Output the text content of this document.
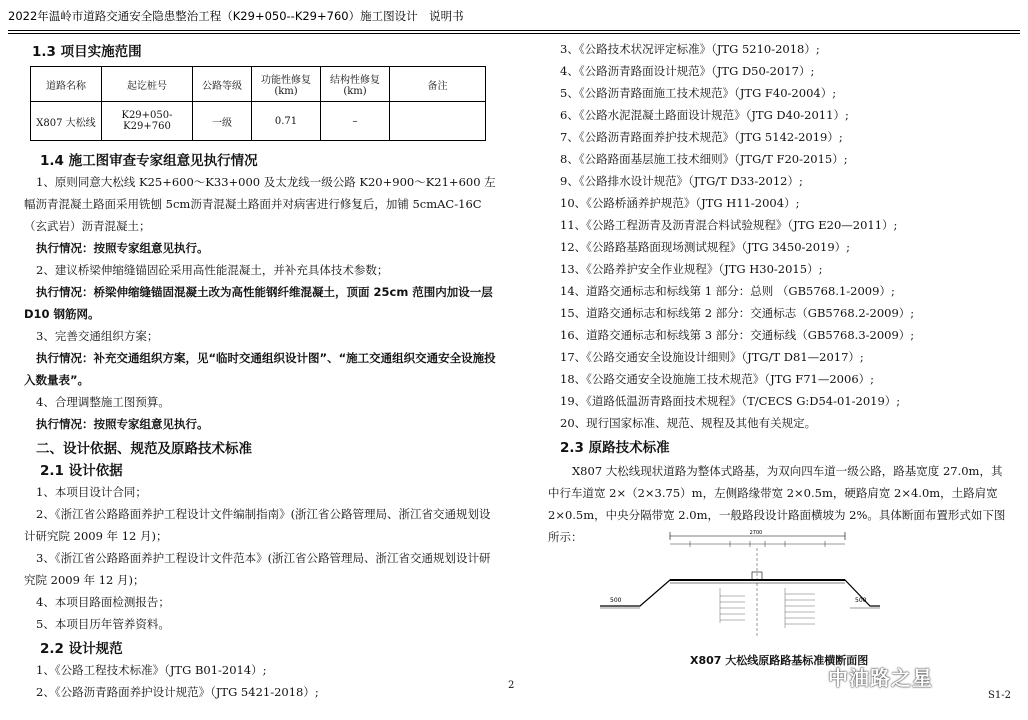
2022年温岭市道路交通安全隐患整治工程（K29+050--K29+760）施工图设计　说明书

1.3 项目实施范围

道路名称	起讫桩号	公路等级	功能性修复 (km)	结构性修复 (km)	备注
X807 大松线	K29+050-K29+760	一级	0.71	–	

1.4 施工图审查专家组意见执行情况

1、原则同意大松线 K25+600～K33+000 及太龙线一级公路 K20+900～K21+600 左幅沥青混凝土路面采用铣刨 5cm沥青混凝土路面并对病害进行修复后，加铺 5cmAC-16C（玄武岩）沥青混凝土；

执行情况：按照专家组意见执行。

2、建议桥梁伸缩缝锚固砼采用高性能混凝土，并补充具体技术参数；

执行情况：桥梁伸缩缝锚固混凝土改为高性能钢纤维混凝土，顶面 25cm 范围内加设一层 D10 钢筋网。

3、完善交通组织方案；

执行情况：补充交通组织方案，见“临时交通组织设计图”、“施工交通组织交通安全设施投入数量表”。

4、合理调整施工图预算。

执行情况：按照专家组意见执行。

二、设计依据、规范及原路技术标准

2.1 设计依据

1、本项目设计合同；

2、《浙江省公路路面养护工程设计文件编制指南》(浙江省公路管理局、浙江省交通规划设计研究院 2009 年 12 月)；

3、《浙江省公路路面养护工程设计文件范本》(浙江省公路管理局、浙江省交通规划设计研究院 2009 年 12 月)；

4、本项目路面检测报告；

5、本项目历年管养资料。

2.2 设计规范

1、《公路工程技术标准》（JTG B01-2014）;

2、《公路沥青路面养护设计规范》（JTG 5421-2018）;

3、《公路技术状况评定标准》（JTG 5210-2018）;

4、《公路沥青路面设计规范》（JTG D50-2017）;

5、《公路沥青路面施工技术规范》（JTG F40-2004）;

6、《公路水泥混凝土路面设计规范》（JTG D40-2011）;

7、《公路沥青路面养护技术规范》（JTG 5142-2019）;

8、《公路路面基层施工技术细则》（JTG/T F20-2015）;

9、《公路排水设计规范》（JTG/T D33-2012）;

10、《公路桥涵养护规范》（JTG H11-2004）;

11、《公路工程沥青及沥青混合料试验规程》（JTG E20—2011）;

12、《公路路基路面现场测试规程》（JTG 3450-2019）;

13、《公路养护安全作业规程》（JTG H30-2015）;

14、道路交通标志和标线第 1 部分：总则 （GB5768.1-2009）;

15、道路交通标志和标线第 2 部分：交通标志（GB5768.2-2009）;

16、道路交通标志和标线第 3 部分：交通标线（GB5768.3-2009）;

17、《公路交通安全设施设计细则》（JTG/T D81—2017）;

18、《公路交通安全设施施工技术规范》（JTG F71—2006）;

19、《道路低温沥青路面技术规程》（T/CECS G:D54-01-2019）;

20、现行国家标准、规范、规程及其他有关规定。

2.3 原路技术标准

X807 大松线现状道路为整体式路基，为双向四车道一级公路，路基宽度 27.0m，其中行车道宽 2×（2×3.75）m，左侧路缘带宽 2×0.5m，硬路肩宽 2×4.0m，土路肩宽 2×0.5m，中央分隔带宽 2.0m，一般路段设计路面横坡为 2%。具体断面布置形式如下图所示：	2700
500	500
X807 大松线原路路基标准横断面图
中油路之星
2
S1-2
